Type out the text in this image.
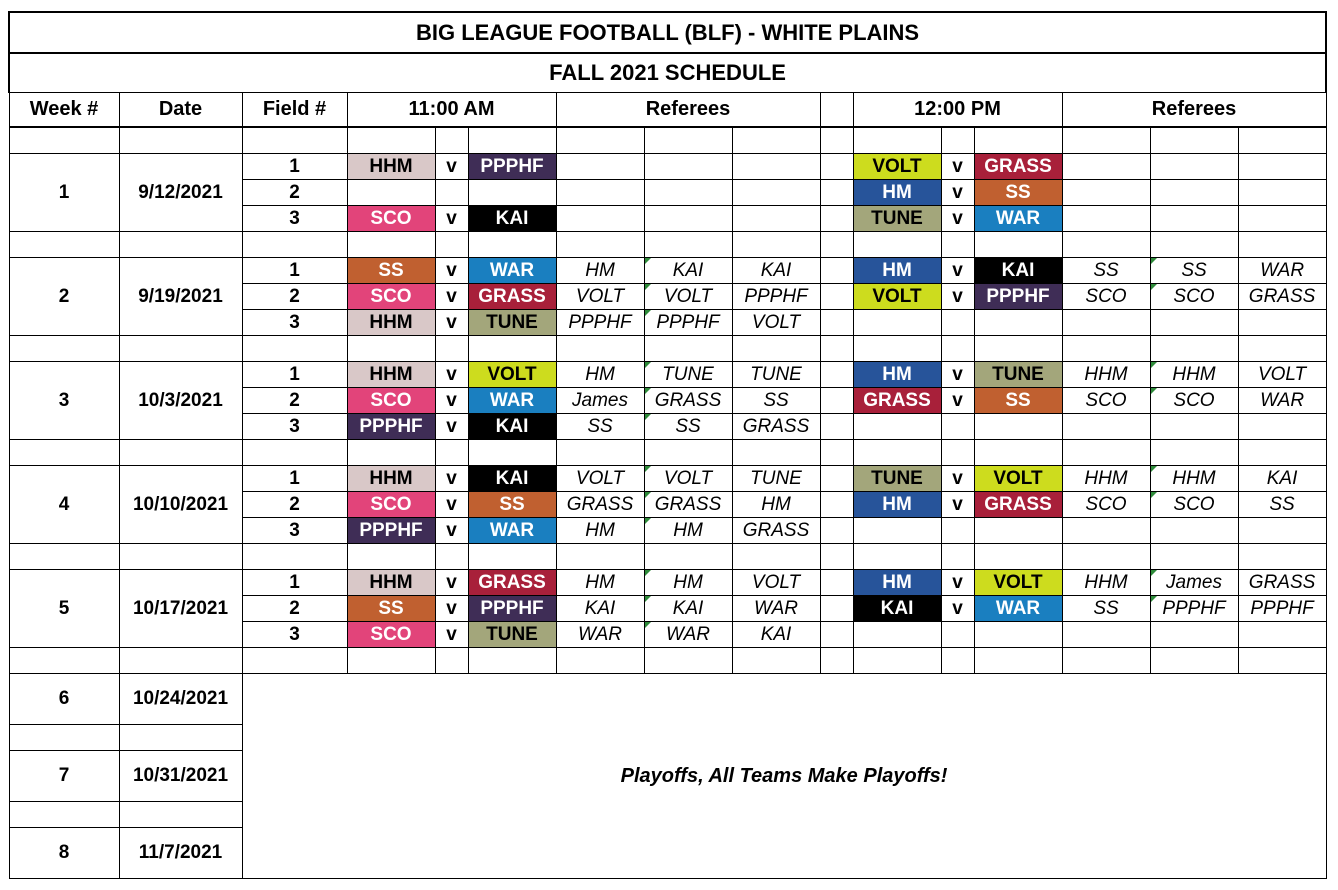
BIG LEAGUE FOOTBALL (BLF) - WHITE PLAINS															
FALL 2021 SCHEDULE															
Week #	Date	Field #	11:00 AM			Referees				12:00 PM			Referees		

1	9/12/2021	1	HHM	v	PPPHF					VOLT	v	GRASS			
		2								HM	v	SS			
		3	SCO	v	KAI					TUNE	v	WAR			

2	9/19/2021	1	SS	v	WAR	HM	KAI	KAI		HM	v	KAI	SS	SS	WAR
		2	SCO	v	GRASS	VOLT	VOLT	PPPHF		VOLT	v	PPPHF	SCO	SCO	GRASS
		3	HHM	v	TUNE	PPPHF	PPPHF	VOLT							

3	10/3/2021	1	HHM	v	VOLT	HM	TUNE	TUNE		HM	v	TUNE	HHM	HHM	VOLT
		2	SCO	v	WAR	James	GRASS	SS		GRASS	v	SS	SCO	SCO	WAR
		3	PPPHF	v	KAI	SS	SS	GRASS							

4	10/10/2021	1	HHM	v	KAI	VOLT	VOLT	TUNE		TUNE	v	VOLT	HHM	HHM	KAI
		2	SCO	v	SS	GRASS	GRASS	HM		HM	v	GRASS	SCO	SCO	SS
		3	PPPHF	v	WAR	HM	HM	GRASS							

5	10/17/2021	1	HHM	v	GRASS	HM	HM	VOLT		HM	v	VOLT	HHM	James	GRASS
		2	SS	v	PPPHF	KAI	KAI	WAR		KAI	v	WAR	SS	PPPHF	PPPHF
		3	SCO	v	TUNE	WAR	WAR	KAI							

6	10/24/2021	Playoffs, All Teams Make Playoffs!													

7	10/31/2021														

8	11/7/2021														
